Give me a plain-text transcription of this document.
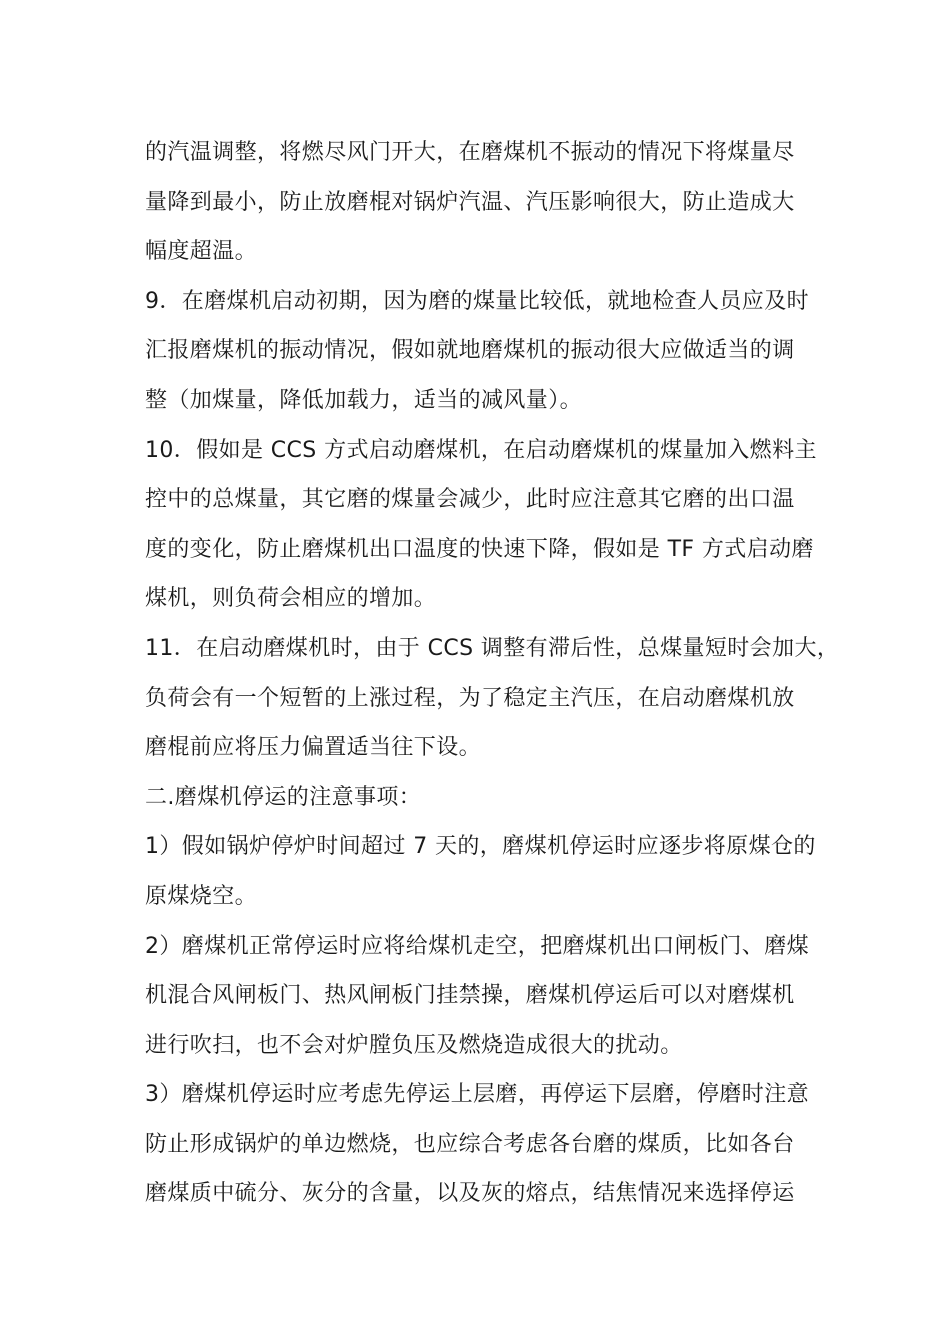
的汽温调整，将燃尽风门开大，在磨煤机不振动的情况下将煤量尽
量降到最小，防止放磨棍对锅炉汽温、汽压影响很大，防止造成大
幅度超温。
9．在磨煤机启动初期，因为磨的煤量比较低，就地检查人员应及时
汇报磨煤机的振动情况，假如就地磨煤机的振动很大应做适当的调
整（加煤量，降低加载力，适当的减风量）。
10．假如是 CCS 方式启动磨煤机，在启动磨煤机的煤量加入燃料主
控中的总煤量，其它磨的煤量会减少，此时应注意其它磨的出口温
度的变化，防止磨煤机出口温度的快速下降，假如是 TF 方式启动磨
煤机，则负荷会相应的增加。
11．在启动磨煤机时，由于 CCS 调整有滞后性，总煤量短时会加大，
负荷会有一个短暂的上涨过程，为了稳定主汽压，在启动磨煤机放
磨棍前应将压力偏置适当往下设。
二.磨煤机停运的注意事项：
1）假如锅炉停炉时间超过 7 天的，磨煤机停运时应逐步将原煤仓的
原煤烧空。
2）磨煤机正常停运时应将给煤机走空，把磨煤机出口闸板门、磨煤
机混合风闸板门、热风闸板门挂禁操，磨煤机停运后可以对磨煤机
进行吹扫，也不会对炉膛负压及燃烧造成很大的扰动。
3）磨煤机停运时应考虑先停运上层磨，再停运下层磨，停磨时注意
防止形成锅炉的单边燃烧，也应综合考虑各台磨的煤质，比如各台
磨煤质中硫分、灰分的含量，以及灰的熔点，结焦情况来选择停运
